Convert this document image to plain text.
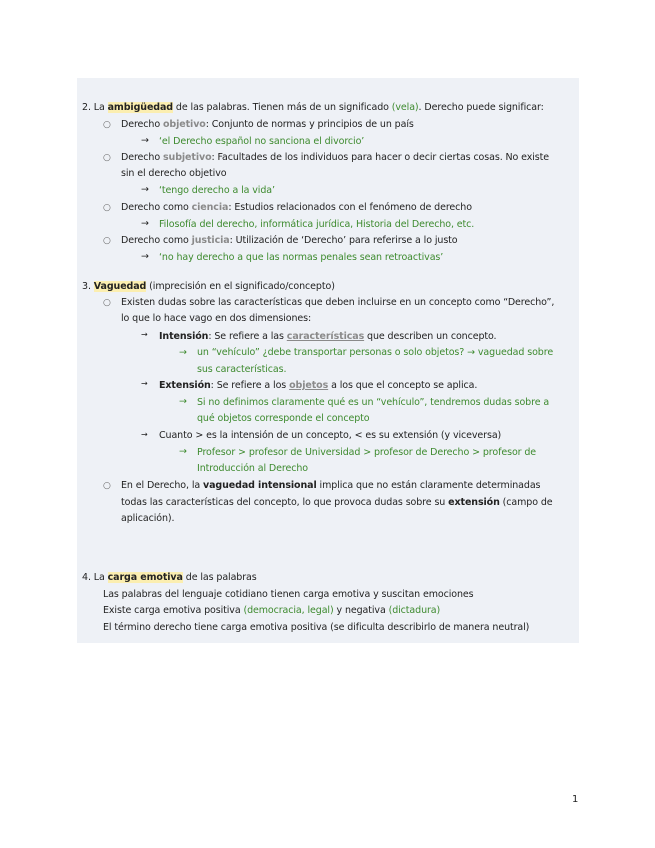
2. La ambigüedad de las palabras. Tienen más de un significado (vela). Derecho puede significar:
○ Derecho objetivo: Conjunto de normas y principios de un país
→ ‘el Derecho español no sanciona el divorcio’
○ Derecho subjetivo: Facultades de los individuos para hacer o decir ciertas cosas. No existe
sin el derecho objetivo
→ ‘tengo derecho a la vida’
○ Derecho como ciencia: Estudios relacionados con el fenómeno de derecho
→ Filosofía del derecho, informática jurídica, Historia del Derecho, etc.
○ Derecho como justicia: Utilización de ‘Derecho’ para referirse a lo justo
→ ‘no hay derecho a que las normas penales sean retroactivas’
3. Vaguedad (imprecisión en el significado/concepto)
○ Existen dudas sobre las características que deben incluirse en un concepto como “Derecho”,
lo que lo hace vago en dos dimensiones:
→ Intensión: Se refiere a las características que describen un concepto.
→ un “vehículo” ¿debe transportar personas o solo objetos? → vaguedad sobre
sus características.
→ Extensión: Se refiere a los objetos a los que el concepto se aplica.
→ Si no definimos claramente qué es un “vehículo”, tendremos dudas sobre a
qué objetos corresponde el concepto
→ Cuanto > es la intensión de un concepto, < es su extensión (y viceversa)
→ Profesor > profesor de Universidad > profesor de Derecho > profesor de
Introducción al Derecho
○ En el Derecho, la vaguedad intensional implica que no están claramente determinadas
todas las características del concepto, lo que provoca dudas sobre su extensión (campo de
aplicación).
4. La carga emotiva de las palabras
Las palabras del lenguaje cotidiano tienen carga emotiva y suscitan emociones
Existe carga emotiva positiva (democracia, legal) y negativa (dictadura)
El término derecho tiene carga emotiva positiva (se dificulta describirlo de manera neutral)
1
